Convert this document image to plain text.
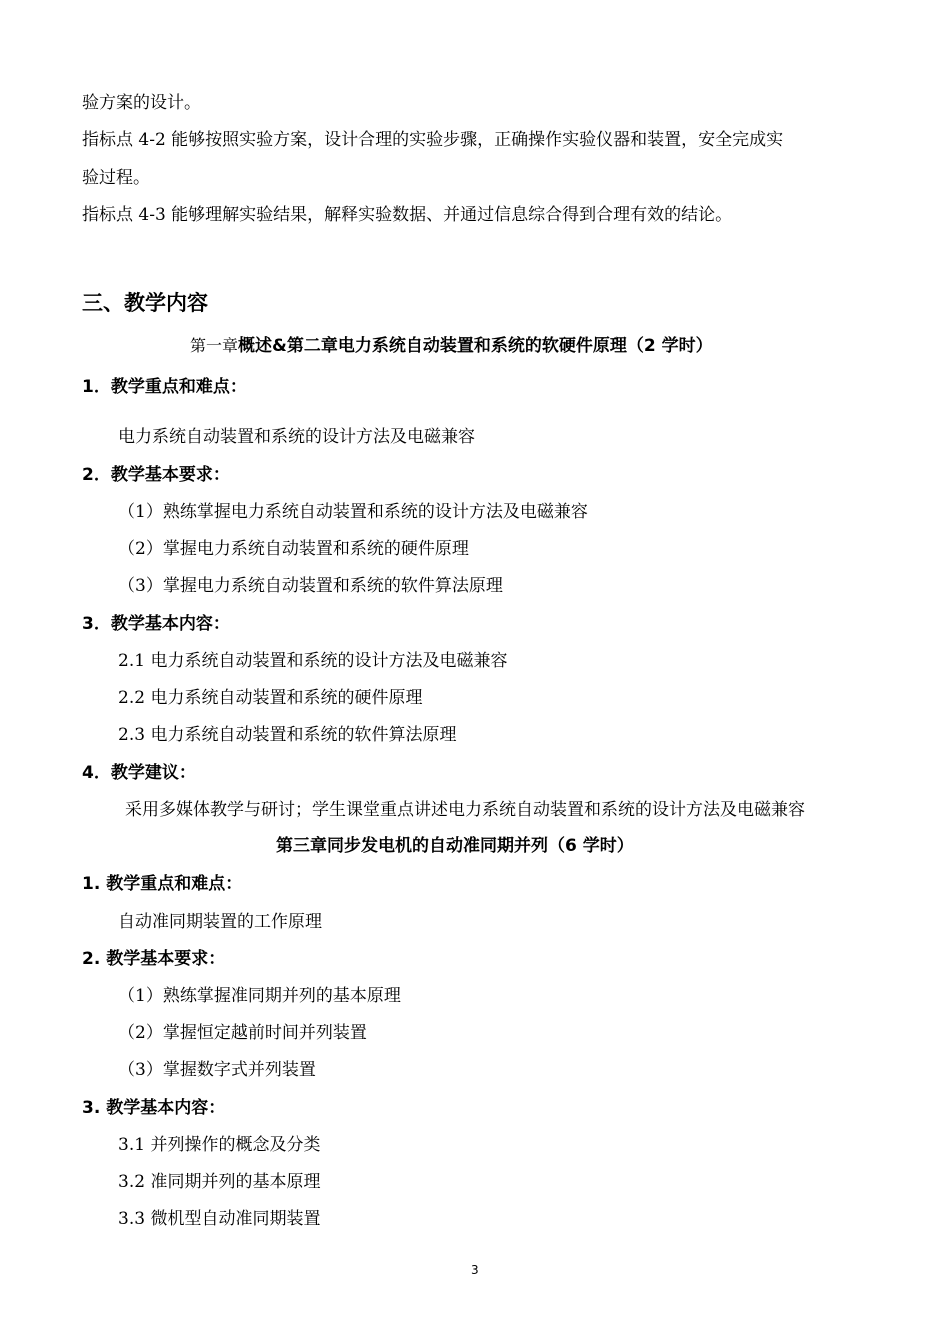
验方案的设计。
指标点 4-2 能够按照实验方案，设计合理的实验步骤，正确操作实验仪器和装置，安全完成实
验过程。
指标点 4-3 能够理解实验结果，解释实验数据、并通过信息综合得到合理有效的结论。
三、教学内容
第一章概述&第二章电力系统自动装置和系统的软硬件原理（2 学时）
1．教学重点和难点：
电力系统自动装置和系统的设计方法及电磁兼容
2．教学基本要求：
（1）熟练掌握电力系统自动装置和系统的设计方法及电磁兼容
（2）掌握电力系统自动装置和系统的硬件原理
（3）掌握电力系统自动装置和系统的软件算法原理
3．教学基本内容：
2.1 电力系统自动装置和系统的设计方法及电磁兼容
2.2 电力系统自动装置和系统的硬件原理
2.3 电力系统自动装置和系统的软件算法原理
4．教学建议：
采用多媒体教学与研讨；学生课堂重点讲述电力系统自动装置和系统的设计方法及电磁兼容
第三章同步发电机的自动准同期并列（6 学时）
1. 教学重点和难点：
自动准同期装置的工作原理
2. 教学基本要求：
（1）熟练掌握准同期并列的基本原理
（2）掌握恒定越前时间并列装置
（3）掌握数字式并列装置
3. 教学基本内容：
3.1 并列操作的概念及分类
3.2 准同期并列的基本原理
3.3 微机型自动准同期装置
3
